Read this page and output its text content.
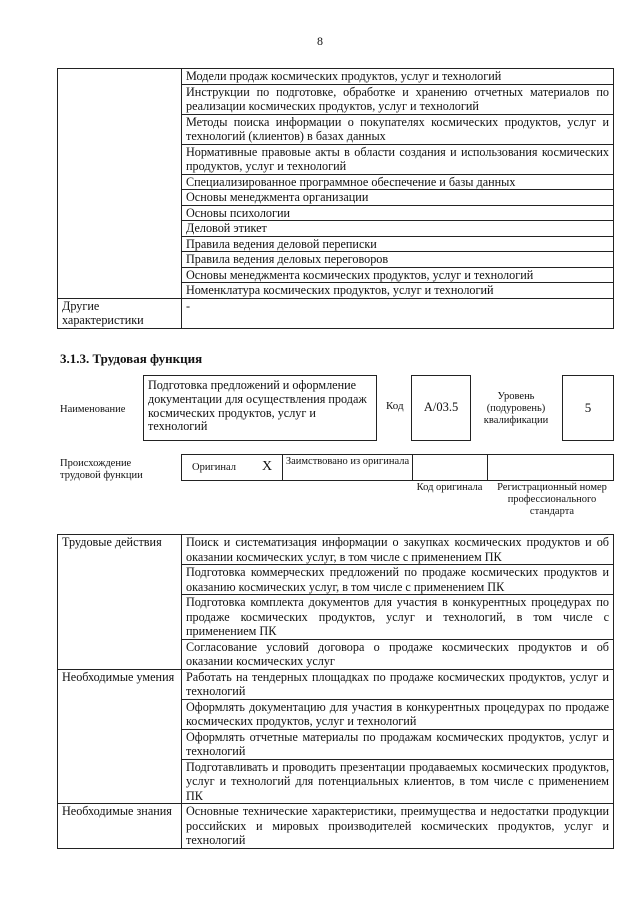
8
	Модели продаж космических продуктов, услуг и технологий
	Инструкции по подготовке, обработке и хранению отчетных материалов по реализации космических продуктов, услуг и технологий
	Методы поиска информации о покупателях космических продуктов, услуг и технологий (клиентов) в базах данных
	Нормативные правовые акты в области создания и использования космических продуктов, услуг и технологий
	Специализированное программное обеспечение и базы данных
	Основы менеджмента организации
	Основы психологии
	Деловой этикет
	Правила ведения деловой переписки
	Правила ведения деловых переговоров
	Основы менеджмента космических продуктов, услуг и технологий
	Номенклатура космических продуктов, услуг и технологий
Другие характеристики	-
3.1.3. Трудовая функция
Наименование
Подготовка предложений и оформление документации для осуществления продаж космических продуктов, услуг и технологий
Код	A/03.5
Уровень (подуровень) квалификации
5
Происхождение трудовой функции
Оригинал X Заимствовано из оригинала
Код оригинала	Регистрационный номер профессионального стандарта
Трудовые действия	Поиск и систематизация информации о закупках космических продуктов и об оказании космических услуг, в том числе с применением ПК
	Подготовка коммерческих предложений по продаже космических продуктов и оказанию космических услуг, в том числе с применением ПК
	Подготовка комплекта документов для участия в конкурентных процедурах по продаже космических продуктов, услуг и технологий, в том числе с применением ПК
	Согласование условий договора о продаже космических продуктов и об оказании космических услуг
Необходимые умения	Работать на тендерных площадках по продаже космических продуктов, услуг и технологий
	Оформлять документацию для участия в конкурентных процедурах по продаже космических продуктов, услуг и технологий
	Оформлять отчетные материалы по продажам космических продуктов, услуг и технологий
	Подготавливать и проводить презентации продаваемых космических продуктов, услуг и технологий для потенциальных клиентов, в том числе с применением ПК
Необходимые знания	Основные технические характеристики, преимущества и недостатки продукции российских и мировых производителей космических продуктов, услуг и технологий
